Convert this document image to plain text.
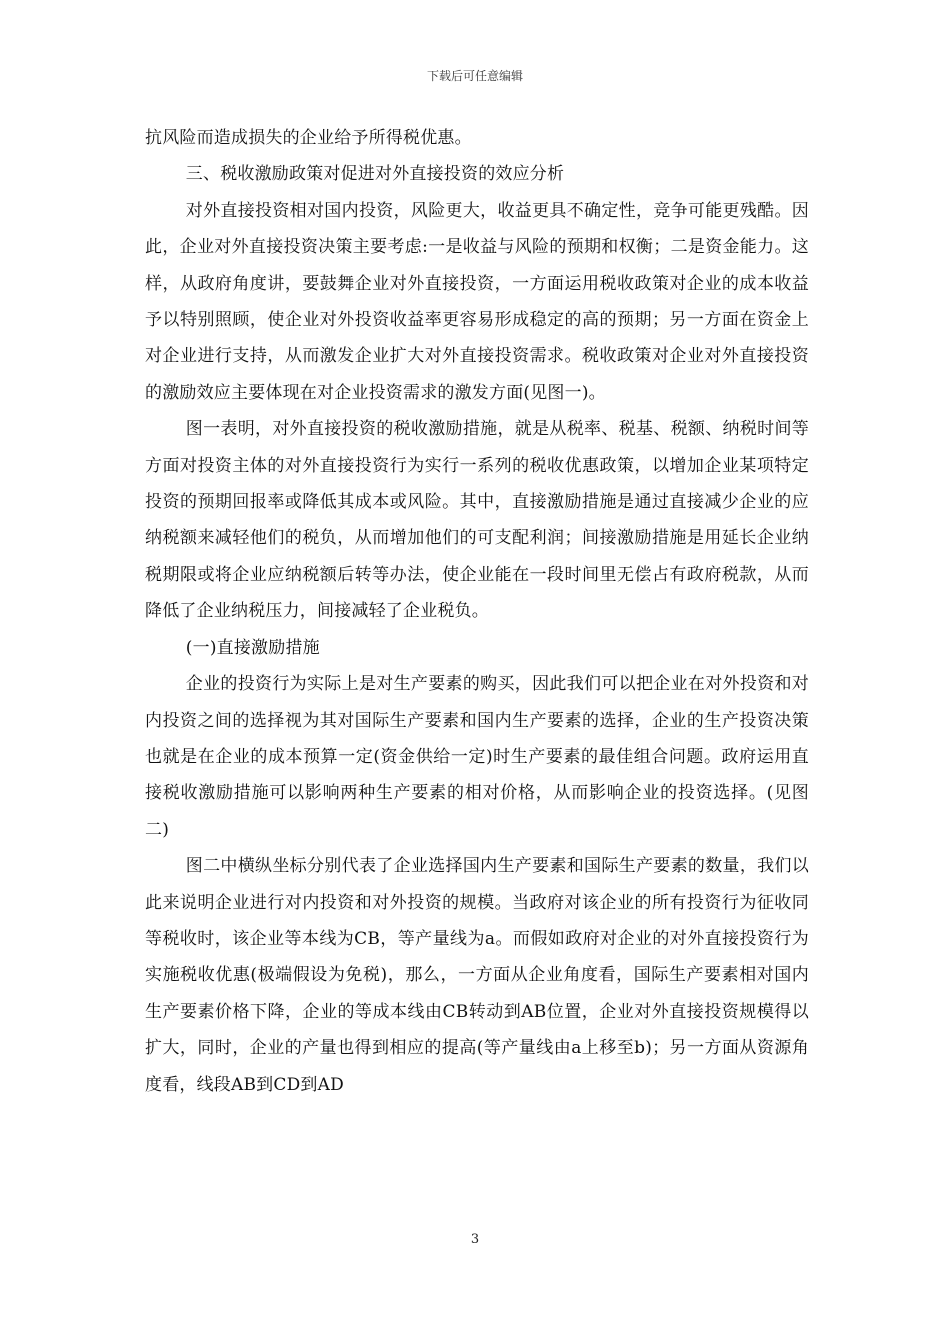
下载后可任意编辑

抗风险而造成损失的企业给予所得税优惠。

三、税收激励政策对促进对外直接投资的效应分析

对外直接投资相对国内投资，风险更大，收益更具不确定性，竞争可能更残酷。因此，企业对外直接投资决策主要考虑:一是收益与风险的预期和权衡；二是资金能力。这样，从政府角度讲，要鼓舞企业对外直接投资，一方面运用税收政策对企业的成本收益予以特别照顾，使企业对外投资收益率更容易形成稳定的高的预期；另一方面在资金上对企业进行支持，从而激发企业扩大对外直接投资需求。税收政策对企业对外直接投资的激励效应主要体现在对企业投资需求的激发方面(见图一)。

图一表明，对外直接投资的税收激励措施，就是从税率、税基、税额、纳税时间等方面对投资主体的对外直接投资行为实行一系列的税收优惠政策，以增加企业某项特定投资的预期回报率或降低其成本或风险。其中，直接激励措施是通过直接减少企业的应纳税额来减轻他们的税负，从而增加他们的可支配利润；间接激励措施是用延长企业纳税期限或将企业应纳税额后转等办法，使企业能在一段时间里无偿占有政府税款，从而降低了企业纳税压力，间接减轻了企业税负。

(一)直接激励措施

企业的投资行为实际上是对生产要素的购买，因此我们可以把企业在对外投资和对内投资之间的选择视为其对国际生产要素和国内生产要素的选择，企业的生产投资决策也就是在企业的成本预算一定(资金供给一定)时生产要素的最佳组合问题。政府运用直接税收激励措施可以影响两种生产要素的相对价格，从而影响企业的投资选择。(见图二)

图二中横纵坐标分别代表了企业选择国内生产要素和国际生产要素的数量，我们以此来说明企业进行对内投资和对外投资的规模。当政府对该企业的所有投资行为征收同等税收时，该企业等本线为CB，等产量线为a。而假如政府对企业的对外直接投资行为实施税收优惠(极端假设为免税)，那么，一方面从企业角度看，国际生产要素相对国内生产要素价格下降，企业的等成本线由CB转动到AB位置，企业对外直接投资规模得以扩大，同时，企业的产量也得到相应的提高(等产量线由a上移至b)；另一方面从资源角度看，线段AB到CD到AD

3
